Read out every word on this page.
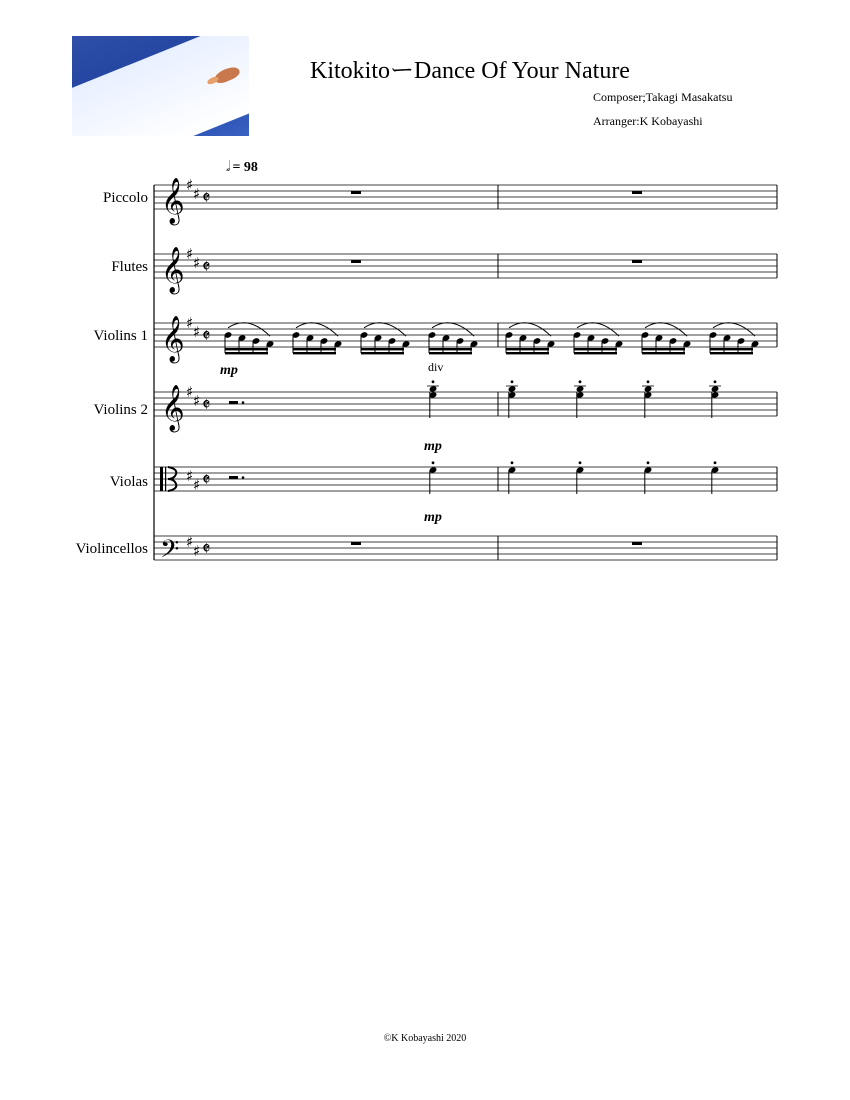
KitokitoーDance Of Your Nature
Composer;Takagi Masakatsu
Arranger:K Kobayashi
𝅗𝅥 = 98
Piccolo
Flutes
Violins 1
Violins 2
Violas
Violincellos
mp	div
mp
mp
𝄞 ♯ ♯ 𝄵
𝄞 ♯ ♯ 𝄵
𝄞 ♯ ♯ 𝄵
𝄞 ♯ ♯ 𝄵
♯ ♯ 𝄵
𝄢 ♯ ♯ 𝄵
©K Kobayashi 2020
